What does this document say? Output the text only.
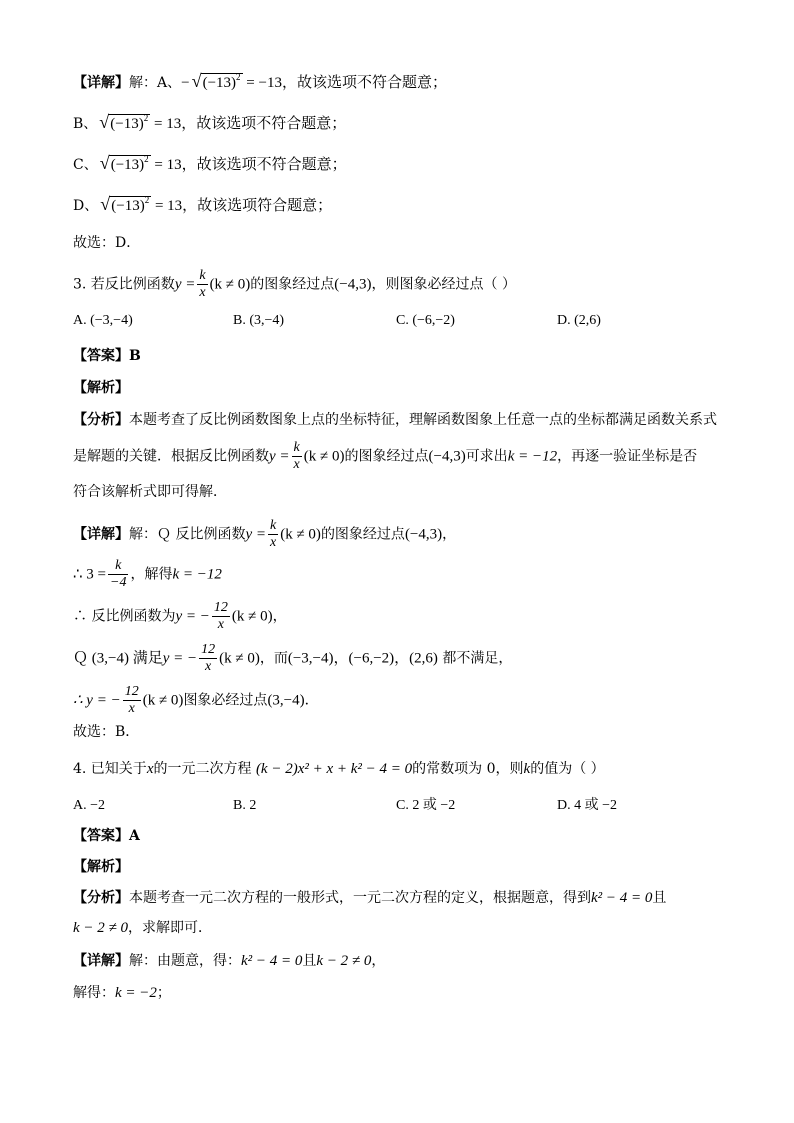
【详解】解：A、− √ $(-13)^2 = -13$，故该选项不符合题意；
B、 √ $(-13)^2 = 13$，故该选项不符合题意；
C、 √ $(-13)^2 = 13$，故该选项不符合题意；
D、 √ $(-13)^2 = 13$，故该选项符合题意；
故选：D．
3. 若反比例函数$y = \frac{k}{x} (k \ne 0)$的图象经过点(−4,3)，则图象必经过点（ ）
A. (−3,−4)	B. (3,−4)	C. (−6,−2)	D. (2,6)
【答案】B
【解析】
【分析】本题考查了反比例函数图象上点的坐标特征，理解函数图象上任意一点的坐标都满足函数关系式
是解题的关键．根据反比例函数$y = \frac{k}{x} (k \ne 0)$的图象经过点(−4,3)可求出k = −12，再逐一验证坐标是否
符合该解析式即可得解．
【详解】解：Ｑ 反比例函数$y = \frac{k}{x} (k \ne 0)$的图象经过点(−4,3)，
∴ $3 = \frac{k}{-4}$ ，解得k = −12
∴ 反比例函数为y = − $\frac{12}{x} (k \ne 0)$，
Ｑ (3,−4) 满足y = − $\frac{12}{x} (k \ne 0)$，而(−3,−4)，(−6,−2)，(2,6) 都不满足，
∴ y = − $\frac{12}{x} (k \ne 0)$图象必经过点(3,−4)．
故选：B．
4. 已知关于x的一元二次方程 (k − 2)x² + x + k² − 4 = 0的常数项为 0，则k的值为（ ）
A. −2	B. 2	C. 2 或 −2	D. 4 或 −2
【答案】A
【解析】
【分析】本题考查一元二次方程的一般形式，一元二次方程的定义，根据题意，得到k² − 4 = 0且
k − 2 ≠ 0，求解即可．
【详解】解：由题意，得：k² − 4 = 0且k − 2 ≠ 0，
解得：k = −2；
